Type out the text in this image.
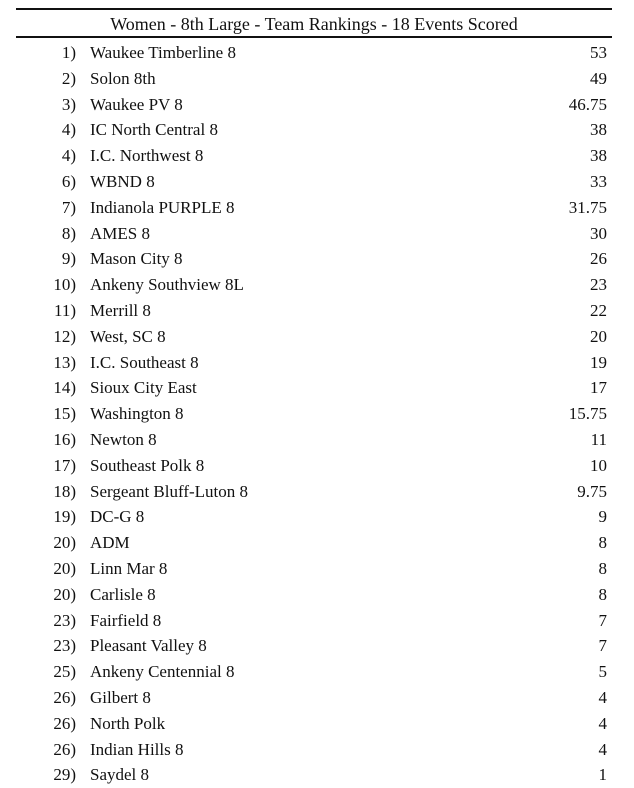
Women - 8th Large - Team Rankings - 18 Events Scored
1) Waukee Timberline 8	53
2) Solon 8th	49
3) Waukee PV 8	46.75
4) IC North Central 8	38
4) I.C. Northwest 8	38
6) WBND 8	33
7) Indianola PURPLE 8	31.75
8) AMES 8	30
9) Mason City 8	26
10) Ankeny Southview 8L	23
11) Merrill 8	22
12) West, SC 8	20
13) I.C. Southeast 8	19
14) Sioux City East	17
15) Washington 8	15.75
16) Newton 8	11
17) Southeast Polk 8	10
18) Sergeant Bluff-Luton 8	9.75
19) DC-G 8	9
20) ADM	8
20) Linn Mar 8	8
20) Carlisle 8	8
23) Fairfield 8	7
23) Pleasant Valley 8	7
25) Ankeny Centennial 8	5
26) Gilbert 8	4
26) North Polk	4
26) Indian Hills 8	4
29) Saydel 8	1
